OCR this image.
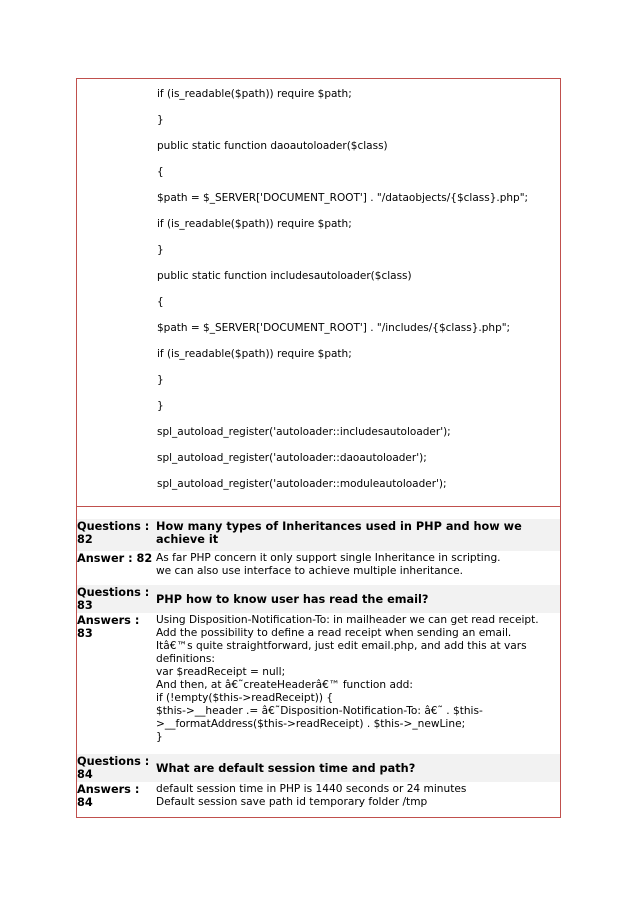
if (is_readable($path)) require $path;
}
public static function daoautoloader($class)
{
$path = $_SERVER['DOCUMENT_ROOT'] . "/dataobjects/{$class}.php";
if (is_readable($path)) require $path;
}
public static function includesautoloader($class)
{
$path = $_SERVER['DOCUMENT_ROOT'] . "/includes/{$class}.php";
if (is_readable($path)) require $path;
}
}
spl_autoload_register('autoloader::includesautoloader');
spl_autoload_register('autoloader::daoautoloader');
spl_autoload_register('autoloader::moduleautoloader');
Questions : 82
How many types of Inheritances used in PHP and how we achieve it
Answer : 82 As far PHP concern it only support single Inheritance in scripting.
we can also use interface to achieve multiple inheritance.
Questions : 83	PHP how to know user has read the email?
Answers : 83
Using Disposition-Notification-To: in mailheader we can get read receipt.
Add the possibility to define a read receipt when sending an email.
Itâ€™s quite straightforward, just edit email.php, and add this at vars
definitions:
var $readReceipt = null;
And then, at â€˜createHeaderâ€™ function add:
if (!empty($this->readReceipt)) {
$this->__header .= â€˜Disposition-Notification-To: â€˜ . $this-
>__formatAddress($this->readReceipt) . $this->_newLine;
}
Questions : 84	What are default session time and path?
Answers : 84
default session time in PHP is 1440 seconds or 24 minutes
Default session save path id temporary folder /tmp
